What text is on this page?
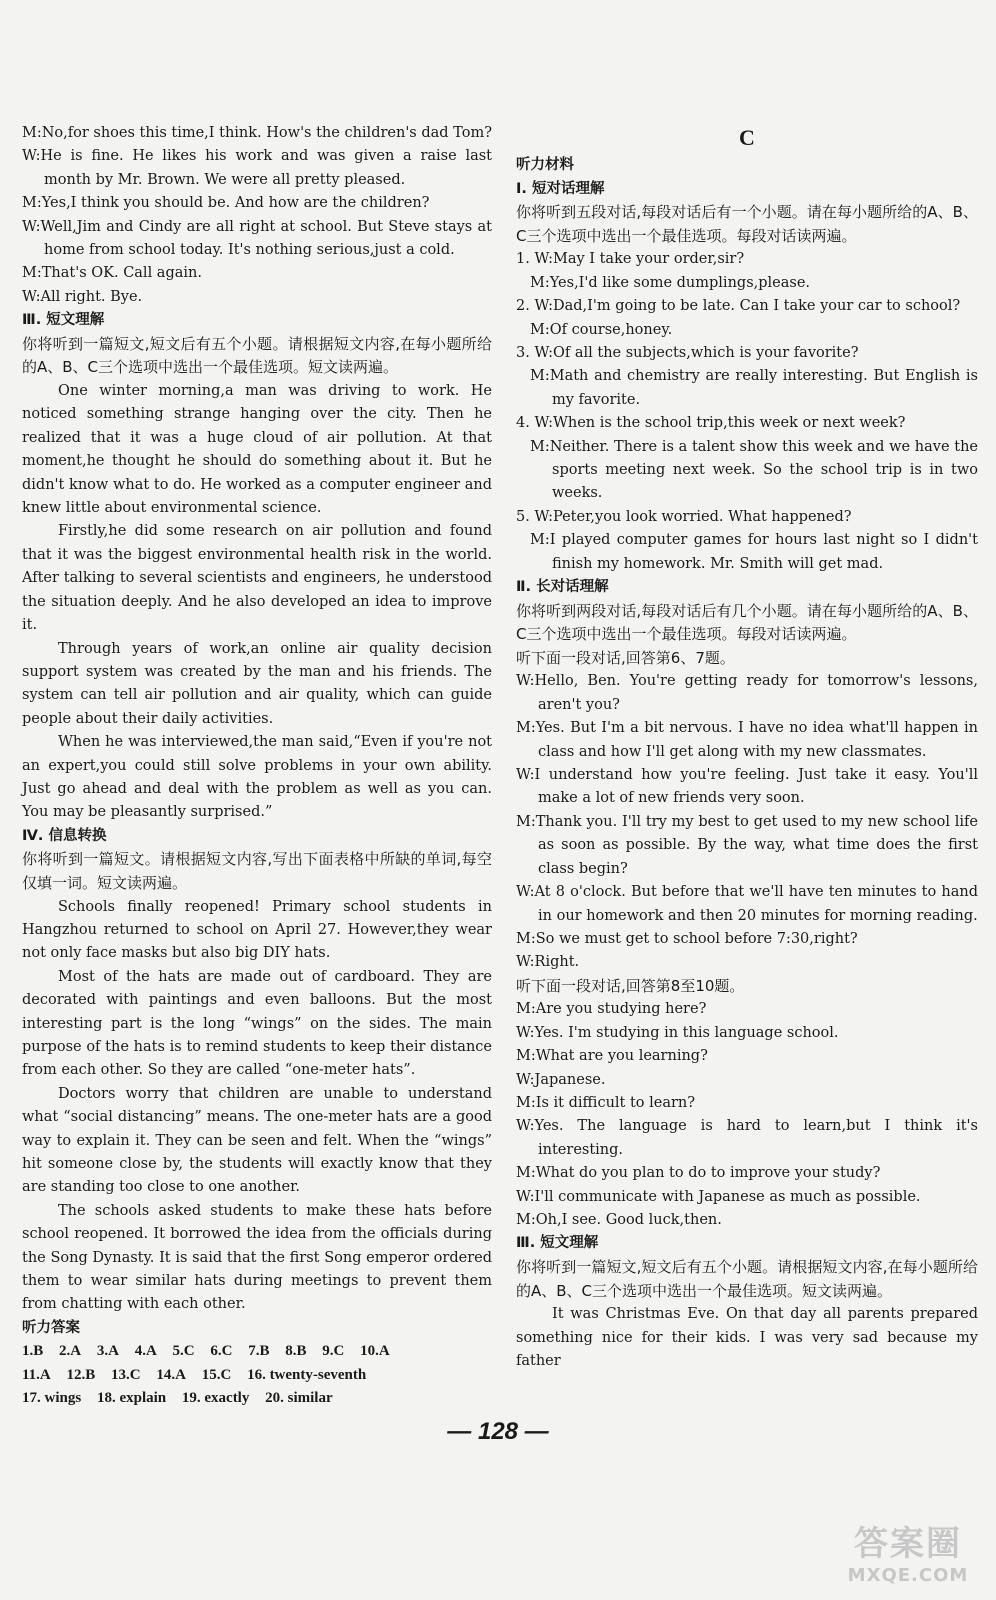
M:No,for shoes this time,I think. How's the children's dad Tom?

W:He is fine. He likes his work and was given a raise last month by Mr. Brown. We were all pretty pleased.

M:Yes,I think you should be. And how are the children?

W:Well,Jim and Cindy are all right at school. But Steve stays at home from school today. It's nothing serious,just a cold.

M:That's OK. Call again.

W:All right. Bye.

Ⅲ. 短文理解

你将听到一篇短文,短文后有五个小题。请根据短文内容,在每小题所给的A、B、C三个选项中选出一个最佳选项。短文读两遍。

One winter morning,a man was driving to work. He noticed something strange hanging over the city. Then he realized that it was a huge cloud of air pollution. At that moment,he thought he should do something about it. But he didn't know what to do. He worked as a computer engineer and knew little about environmental science.

Firstly,he did some research on air pollution and found that it was the biggest environmental health risk in the world. After talking to several scientists and engineers, he understood the situation deeply. And he also developed an idea to improve it.

Through years of work,an online air quality decision support system was created by the man and his friends. The system can tell air pollution and air quality, which can guide people about their daily activities.

When he was interviewed,the man said,“Even if you're not an expert,you could still solve problems in your own ability. Just go ahead and deal with the problem as well as you can. You may be pleasantly surprised.”

Ⅳ. 信息转换

你将听到一篇短文。请根据短文内容,写出下面表格中所缺的单词,每空仅填一词。短文读两遍。

Schools finally reopened! Primary school students in Hangzhou returned to school on April 27. However,they wear not only face masks but also big DIY hats.

Most of the hats are made out of cardboard. They are decorated with paintings and even balloons. But the most interesting part is the long “wings” on the sides. The main purpose of the hats is to remind students to keep their distance from each other. So they are called “one-meter hats”.

Doctors worry that children are unable to understand what “social distancing” means. The one-meter hats are a good way to explain it. They can be seen and felt. When the “wings” hit someone close by, the students will exactly know that they are standing too close to one another.

The schools asked students to make these hats before school reopened. It borrowed the idea from the officials during the Song Dynasty. It is said that the first Song emperor ordered them to wear similar hats during meetings to prevent them from chatting with each other.

听力答案

1.B 2.A 3.A 4.A 5.C 6.C 7.B 8.B 9.C 10.A

11.A 12.B 13.C 14.A 15.C 16. twenty-seventh

17. wings 18. explain 19. exactly 20. similar

C

听力材料

Ⅰ. 短对话理解

你将听到五段对话,每段对话后有一个小题。请在每小题所给的A、B、C三个选项中选出一个最佳选项。每段对话读两遍。

1. W:May I take your order,sir?

M:Yes,I'd like some dumplings,please.

2. W:Dad,I'm going to be late. Can I take your car to school?

M:Of course,honey.

3. W:Of all the subjects,which is your favorite?

M:Math and chemistry are really interesting. But English is my favorite.

4. W:When is the school trip,this week or next week?

M:Neither. There is a talent show this week and we have the sports meeting next week. So the school trip is in two weeks.

5. W:Peter,you look worried. What happened?

M:I played computer games for hours last night so I didn't finish my homework. Mr. Smith will get mad.

Ⅱ. 长对话理解

你将听到两段对话,每段对话后有几个小题。请在每小题所给的A、B、C三个选项中选出一个最佳选项。每段对话读两遍。

听下面一段对话,回答第6、7题。

W:Hello, Ben. You're getting ready for tomorrow's lessons, aren't you?

M:Yes. But I'm a bit nervous. I have no idea what'll happen in class and how I'll get along with my new classmates.

W:I understand how you're feeling. Just take it easy. You'll make a lot of new friends very soon.

M:Thank you. I'll try my best to get used to my new school life as soon as possible. By the way, what time does the first class begin?

W:At 8 o'clock. But before that we'll have ten minutes to hand in our homework and then 20 minutes for morning reading.

M:So we must get to school before 7:30,right?

W:Right.

听下面一段对话,回答第8至10题。

M:Are you studying here?

W:Yes. I'm studying in this language school.

M:What are you learning?

W:Japanese.

M:Is it difficult to learn?

W:Yes. The language is hard to learn,but I think it's interesting.

M:What do you plan to do to improve your study?

W:I'll communicate with Japanese as much as possible.

M:Oh,I see. Good luck,then.

Ⅲ. 短文理解

你将听到一篇短文,短文后有五个小题。请根据短文内容,在每小题所给的A、B、C三个选项中选出一个最佳选项。短文读两遍。

It was Christmas Eve. On that day all parents prepared something nice for their kids. I was very sad because my father

— 128 —
答案圈
MXQE.COM
